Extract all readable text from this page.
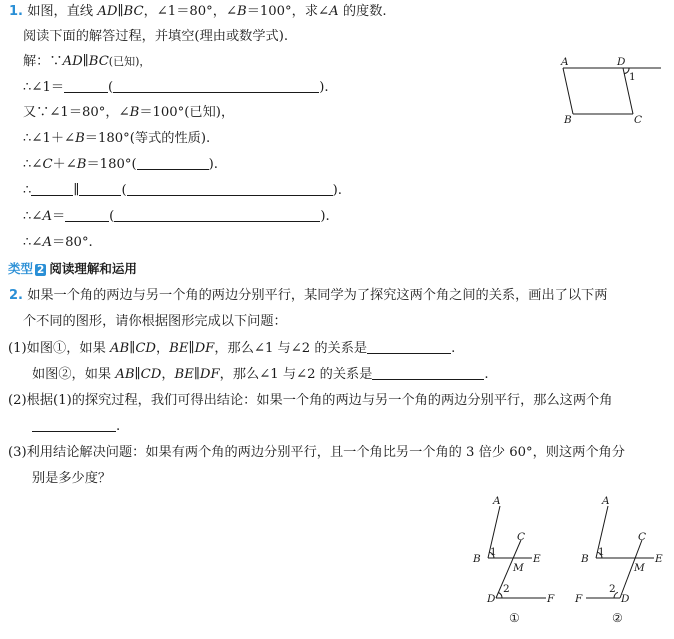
1. 如图，直线 AD∥BC，∠1＝80°，∠B＝100°，求∠A 的度数.
阅读下面的解答过程，并填空(理由或数学式).
解：∵AD∥BC(已知)，
∴∠1＝	(	).
又∵∠1＝80°，∠B＝100°(已知)，
∴∠1＋∠B＝180°(等式的性质).
∴∠C＋∠B＝180°(	).
∴	∥	(	).
∴∠A＝	(	).
∴∠A＝80°.
A	D
1
B	C
类型 2 阅读理解和运用
2. 如果一个角的两边与另一个角的两边分别平行，某同学为了探究这两个角之间的关系，画出了以下两
个不同的图形，请你根据图形完成以下问题：
(1)如图①，如果 AB∥CD，BE∥DF，那么∠1 与∠2 的关系是	.
如图②，如果 AB∥CD，BE∥DF，那么∠1 与∠2 的关系是	.
(2)根据(1)的探究过程，我们可得出结论：如果一个角的两边与另一个角的两边分别平行，那么这两个角
.
(3)利用结论解决问题：如果有两个角的两边分别平行，且一个角比另一个角的 3 倍少 60°，则这两个角分
别是多少度？
A
C
B
1
E
M
2
D	F
①
A
C
B
1
E
M
2
D
F
②
